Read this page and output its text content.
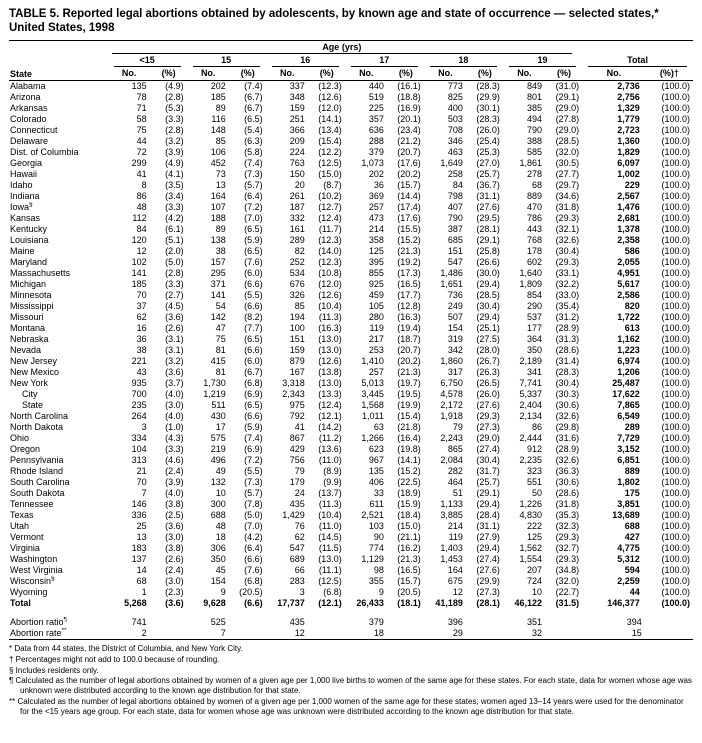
TABLE 5. Reported legal abortions obtained by adolescents, by known age and state of occurrence — selected states,* United States, 1998
State	Age (yrs)													

	<15		15		16		17		18		19		Total	

	No.	(%)	No.	(%)	No.	(%)	No.	(%)	No.	(%)	No.	(%)	No.	(%)†
Alabama	135	(4.9)	202	(7.4)	337	(12.3)	440	(16.1)	773	(28.3)	849	(31.0)	2,736	(100.0)
Arizona	78	(2.8)	185	(6.7)	348	(12.6)	519	(18.8)	825	(29.9)	801	(29.1)	2,756	(100.0)
Arkansas	71	(5.3)	89	(6.7)	159	(12.0)	225	(16.9)	400	(30.1)	385	(29.0)	1,329	(100.0)
Colorado	58	(3.3)	116	(6.5)	251	(14.1)	357	(20.1)	503	(28.3)	494	(27.8)	1,779	(100.0)
Connecticut	75	(2.8)	148	(5.4)	366	(13.4)	636	(23.4)	708	(26.0)	790	(29.0)	2,723	(100.0)
Delaware	44	(3.2)	85	(6.3)	209	(15.4)	288	(21.2)	346	(25.4)	388	(28.5)	1,360	(100.0)
Dist. of Columbia	72	(3.9)	106	(5.8)	224	(12.2)	379	(20.7)	463	(25.3)	585	(32.0)	1,829	(100.0)
Georgia	299	(4.9)	452	(7.4)	763	(12.5)	1,073	(17.6)	1,649	(27.0)	1,861	(30.5)	6,097	(100.0)
Hawaii	41	(4.1)	73	(7.3)	150	(15.0)	202	(20.2)	258	(25.7)	278	(27.7)	1,002	(100.0)
Idaho	8	(3.5)	13	(5.7)	20	(8.7)	36	(15.7)	84	(36.7)	68	(29.7)	229	(100.0)
Indiana	86	(3.4)	164	(6.4)	261	(10.2)	369	(14.4)	798	(31.1)	889	(34.6)	2,567	(100.0)
Iowa§	48	(3.3)	107	(7.2)	187	(12.7)	257	(17.4)	407	(27.6)	470	(31.8)	1,476	(100.0)
Kansas	112	(4.2)	188	(7.0)	332	(12.4)	473	(17.6)	790	(29.5)	786	(29.3)	2,681	(100.0)
Kentucky	84	(6.1)	89	(6.5)	161	(11.7)	214	(15.5)	387	(28.1)	443	(32.1)	1,378	(100.0)
Louisiana	120	(5.1)	138	(5.9)	289	(12.3)	358	(15.2)	685	(29.1)	768	(32.6)	2,358	(100.0)
Maine	12	(2.0)	38	(6.5)	82	(14.0)	125	(21.3)	151	(25.8)	178	(30.4)	586	(100.0)
Maryland	102	(5.0)	157	(7.6)	252	(12.3)	395	(19.2)	547	(26.6)	602	(29.3)	2,055	(100.0)
Massachusetts	141	(2.8)	295	(6.0)	534	(10.8)	855	(17.3)	1,486	(30.0)	1,640	(33.1)	4,951	(100.0)
Michigan	185	(3.3)	371	(6.6)	676	(12.0)	925	(16.5)	1,651	(29.4)	1,809	(32.2)	5,617	(100.0)
Minnesota	70	(2.7)	141	(5.5)	326	(12.6)	459	(17.7)	736	(28.5)	854	(33.0)	2,586	(100.0)
Mississippi	37	(4.5)	54	(6.6)	85	(10.4)	105	(12.8)	249	(30.4)	290	(35.4)	820	(100.0)
Missouri	62	(3.6)	142	(8.2)	194	(11.3)	280	(16.3)	507	(29.4)	537	(31.2)	1,722	(100.0)
Montana	16	(2.6)	47	(7.7)	100	(16.3)	119	(19.4)	154	(25.1)	177	(28.9)	613	(100.0)
Nebraska	36	(3.1)	75	(6.5)	151	(13.0)	217	(18.7)	319	(27.5)	364	(31.3)	1,162	(100.0)
Nevada	38	(3.1)	81	(6.6)	159	(13.0)	253	(20.7)	342	(28.0)	350	(28.6)	1,223	(100.0)
New Jersey	221	(3.2)	415	(6.0)	879	(12.6)	1,410	(20.2)	1,860	(26.7)	2,189	(31.4)	6,974	(100.0)
New Mexico	43	(3.6)	81	(6.7)	167	(13.8)	257	(21.3)	317	(26.3)	341	(28.3)	1,206	(100.0)
New York	935	(3.7)	1,730	(6.8)	3,318	(13.0)	5,013	(19.7)	6,750	(26.5)	7,741	(30.4)	25,487	(100.0)
City	700	(4.0)	1,219	(6.9)	2,343	(13.3)	3,445	(19.5)	4,578	(26.0)	5,337	(30.3)	17,622	(100.0)
State	235	(3.0)	511	(6.5)	975	(12.4)	1,568	(19.9)	2,172	(27.6)	2,404	(30.6)	7,865	(100.0)
North Carolina	264	(4.0)	430	(6.6)	792	(12.1)	1,011	(15.4)	1,918	(29.3)	2,134	(32.6)	6,549	(100.0)
North Dakota	3	(1.0)	17	(5.9)	41	(14.2)	63	(21.8)	79	(27.3)	86	(29.8)	289	(100.0)
Ohio	334	(4.3)	575	(7.4)	867	(11.2)	1,266	(16.4)	2,243	(29.0)	2,444	(31.6)	7,729	(100.0)
Oregon	104	(3.3)	219	(6.9)	429	(13.6)	623	(19.8)	865	(27.4)	912	(28.9)	3,152	(100.0)
Pennsylvania	313	(4.6)	496	(7.2)	756	(11.0)	967	(14.1)	2,084	(30.4)	2,235	(32.6)	6,851	(100.0)
Rhode Island	21	(2.4)	49	(5.5)	79	(8.9)	135	(15.2)	282	(31.7)	323	(36.3)	889	(100.0)
South Carolina	70	(3.9)	132	(7.3)	179	(9.9)	406	(22.5)	464	(25.7)	551	(30.6)	1,802	(100.0)
South Dakota	7	(4.0)	10	(5.7)	24	(13.7)	33	(18.9)	51	(29.1)	50	(28.6)	175	(100.0)
Tennessee	146	(3.8)	300	(7.8)	435	(11.3)	611	(15.9)	1,133	(29.4)	1,226	(31.8)	3,851	(100.0)
Texas	336	(2.5)	688	(5.0)	1,429	(10.4)	2,521	(18.4)	3,885	(28.4)	4,830	(35.3)	13,689	(100.0)
Utah	25	(3.6)	48	(7.0)	76	(11.0)	103	(15.0)	214	(31.1)	222	(32.3)	688	(100.0)
Vermont	13	(3.0)	18	(4.2)	62	(14.5)	90	(21.1)	119	(27.9)	125	(29.3)	427	(100.0)
Virginia	183	(3.8)	306	(6.4)	547	(11.5)	774	(16.2)	1,403	(29.4)	1,562	(32.7)	4,775	(100.0)
Washington	137	(2.6)	350	(6.6)	689	(13.0)	1,129	(21.3)	1,453	(27.4)	1,554	(29.3)	5,312	(100.0)
West Virginia	14	(2.4)	45	(7.6)	66	(11.1)	98	(16.5)	164	(27.6)	207	(34.8)	594	(100.0)
Wisconsin§	68	(3.0)	154	(6.8)	283	(12.5)	355	(15.7)	675	(29.9)	724	(32.0)	2,259	(100.0)
Wyoming	1	(2.3)	9	(20.5)	3	(6.8)	9	(20.5)	12	(27.3)	10	(22.7)	44	(100.0)
Total	5,268	(3.6)	9,628	(6.6)	17,737	(12.1)	26,433	(18.1)	41,189	(28.1)	46,122	(31.5)	146,377	(100.0)

Abortion ratio¶	741		525		435		379		396		351		394	
Abortion rate**	2		7		12		18		29		32		15	

* Data from 44 states, the District of Columbia, and New York City.

† Percentages might not add to 100.0 because of rounding.

§ Includes residents only.

¶ Calculated as the number of legal abortions obtained by women of a given age per 1,000 live births to women of the same age for these states. For each state, data for women whose age was unknown were distributed according to the known age distribution for that state.

** Calculated as the number of legal abortions obtained by women of a given age per 1,000 women of the same age for these states; women aged 13–14 years were used for the denominator for the <15 years age group. For each state, data for women whose age was unknown were distributed according to the known age distribution for that state.
